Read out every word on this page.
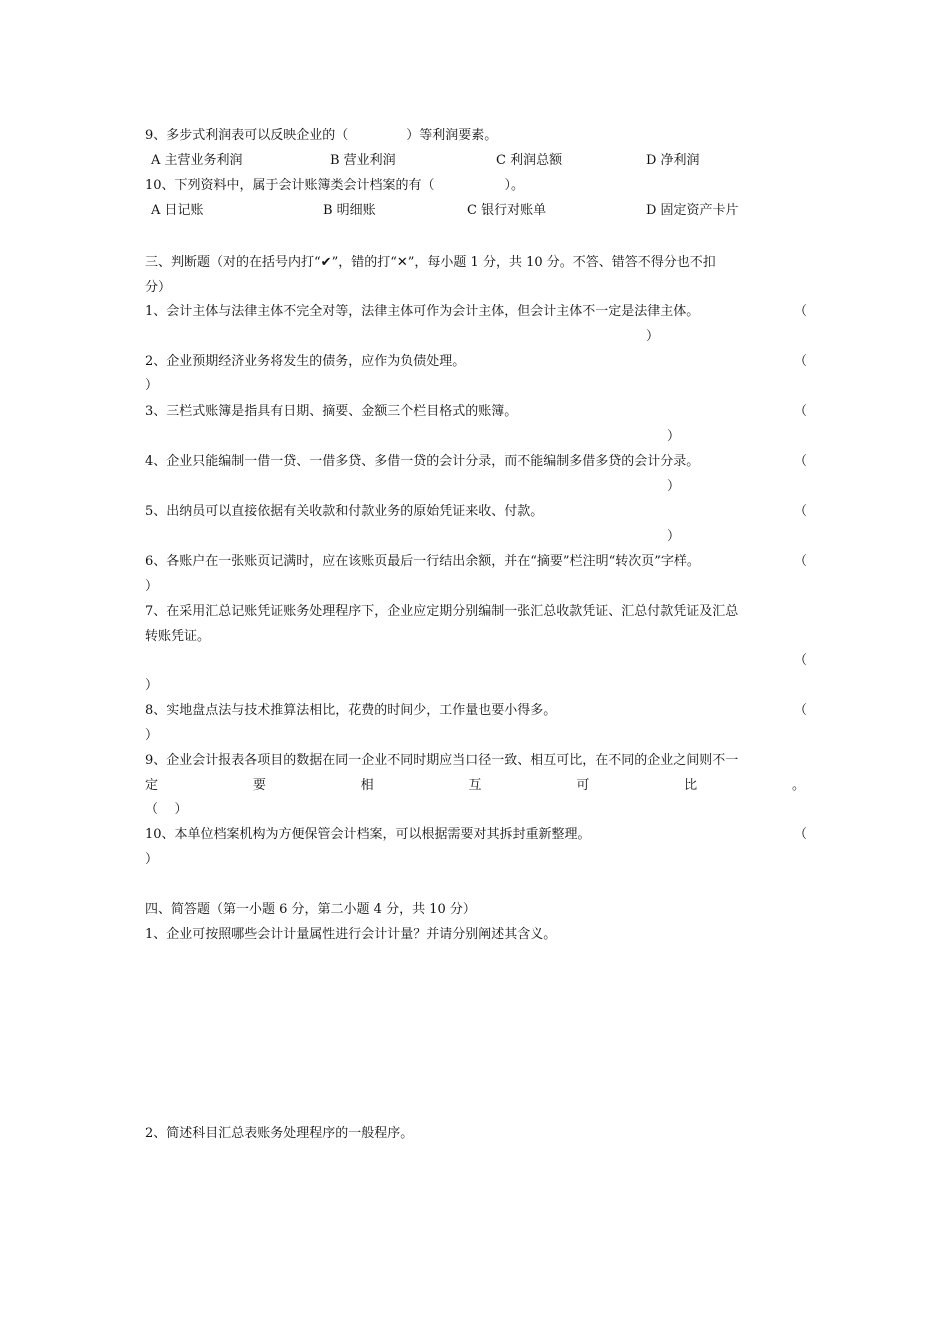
9、多步式利润表可以反映企业的（	）等利润要素。
A 主营业务利润	B 营业利润	C 利润总额	D 净利润
10、下列资料中，属于会计账簿类会计档案的有（	）。
A 日记账	B 明细账	C 银行对账单	D 固定资产卡片
三、判断题（对的在括号内打“✔”，错的打“✕”，每小题 1 分，共 10 分。不答、错答不得分也不扣
分）
1、会计主体与法律主体不完全对等，法律主体可作为会计主体，但会计主体不一定是法律主体。	（
）
2、企业预期经济业务将发生的债务，应作为负债处理。	（
）
3、三栏式账簿是指具有日期、摘要、金额三个栏目格式的账簿。	（
）
4、企业只能编制一借一贷、一借多贷、多借一贷的会计分录，而不能编制多借多贷的会计分录。	（
）
5、出纳员可以直接依据有关收款和付款业务的原始凭证来收、付款。	（
）
6、各账户在一张账页记满时，应在该账页最后一行结出余额，并在“摘要”栏注明“转次页”字样。	（
）
7、在采用汇总记账凭证账务处理程序下，企业应定期分别编制一张汇总收款凭证、汇总付款凭证及汇总
转账凭证。
（
）
8、实地盘点法与技术推算法相比，花费的时间少，工作量也要小得多。	（
）
9、企业会计报表各项目的数据在同一企业不同时期应当口径一致、相互可比，在不同的企业之间则不一
定	要	相	互	可	比	。
（    ）
10、本单位档案机构为方便保管会计档案，可以根据需要对其拆封重新整理。	（
）
四、简答题（第一小题 6 分，第二小题 4 分，共 10 分）
1、企业可按照哪些会计计量属性进行会计计量？并请分别阐述其含义。
2、简述科目汇总表账务处理程序的一般程序。
